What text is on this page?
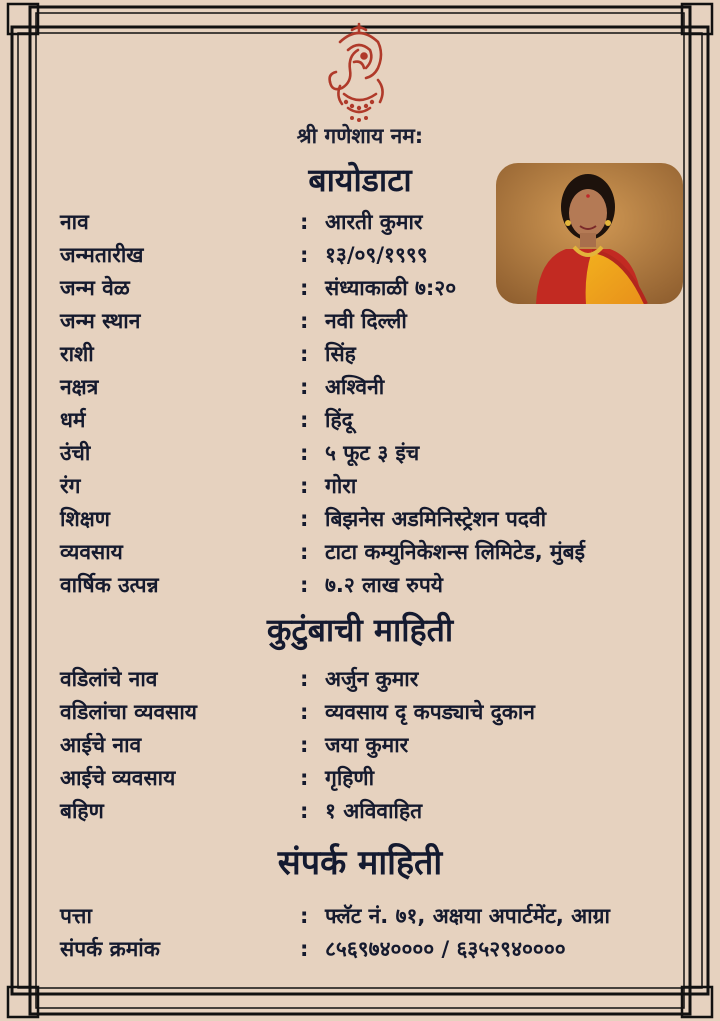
श्री गणेशाय नम:
बायोडाटा
नाव	: आरती कुमार
जन्मतारीख	: १३/०९/१९९९
जन्म वेळ	: संध्याकाळी ७:२०
जन्म स्थान	: नवी दिल्ली
राशी	: सिंह
नक्षत्र	: अश्विनी
धर्म	: हिंदू
उंची	: ५ फूट ३ इंच
रंग	: गोरा
शिक्षण	: बिझनेस अडमिनिस्ट्रेशन पदवी
व्यवसाय	: टाटा कम्युनिकेशन्स लिमिटेड, मुंबई
वार्षिक उत्पन्न	: ७.२ लाख रुपये
कुटुंबाची माहिती
वडिलांचे नाव	: अर्जुन कुमार
वडिलांचा व्यवसाय	: व्यवसाय दृ कपड्याचे दुकान
आईचे नाव	: जया कुमार
आईचे व्यवसाय	: गृहिणी
बहिण	: १ अविवाहित
संपर्क माहिती
पत्ता	: फ्लॅट नं. ७१, अक्षया अपार्टमेंट, आग्रा
संपर्क क्रमांक	: ८५६९७४०००० / ६३५२९४००००
